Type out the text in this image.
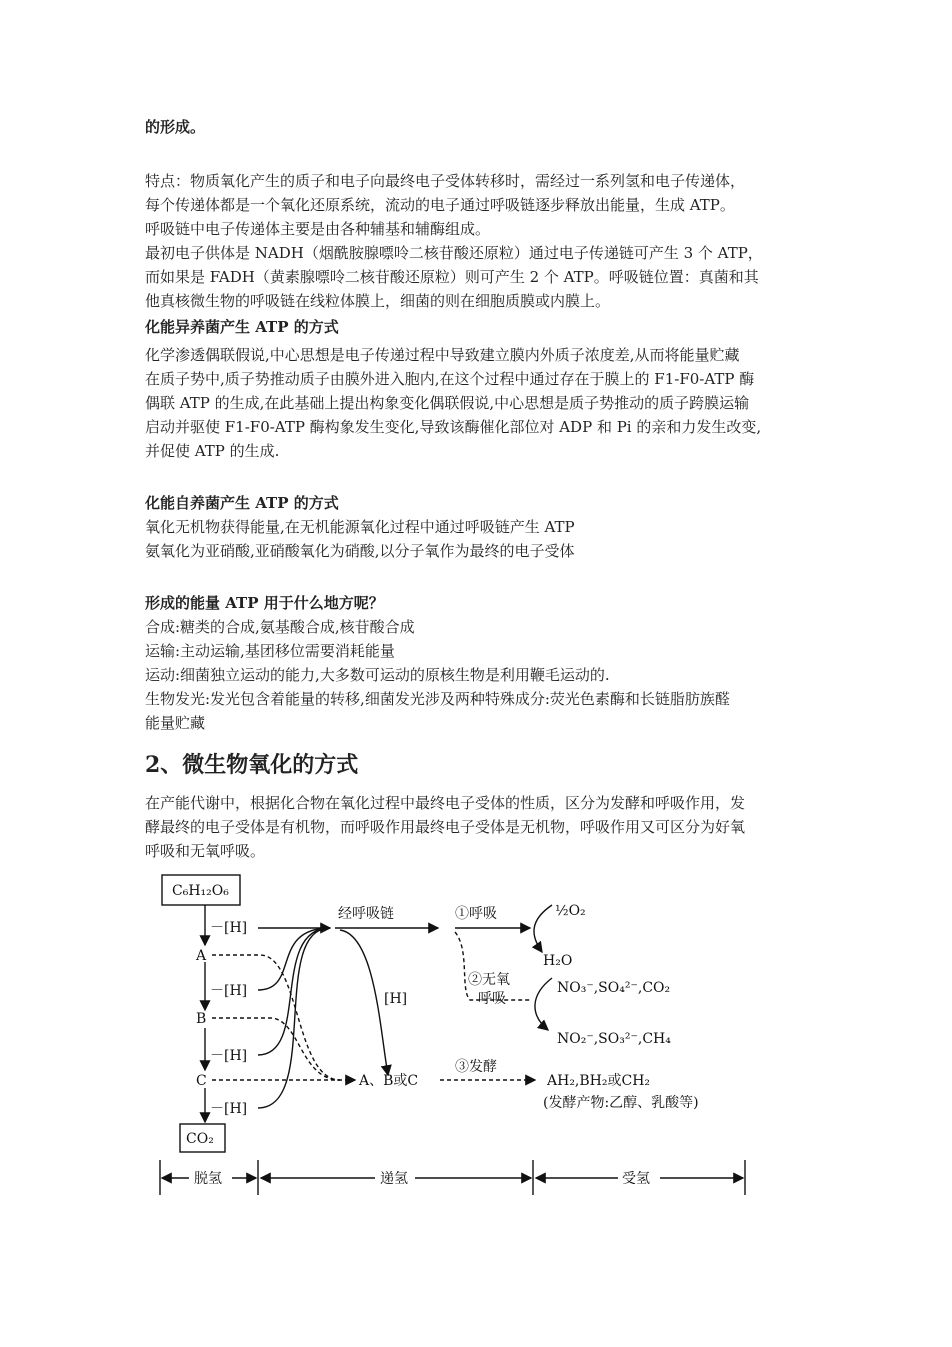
的形成。
特点：物质氧化产生的质子和电子向最终电子受体转移时，需经过一系列氢和电子传递体，
每个传递体都是一个氧化还原系统，流动的电子通过呼吸链逐步释放出能量，生成 ATP。
呼吸链中电子传递体主要是由各种辅基和辅酶组成。
最初电子供体是 NADH（烟酰胺腺嘌呤二核苷酸还原粒）通过电子传递链可产生 3 个 ATP，
而如果是 FADH（黄素腺嘌呤二核苷酸还原粒）则可产生 2 个 ATP。呼吸链位置：真菌和其
他真核微生物的呼吸链在线粒体膜上，细菌的则在细胞质膜或内膜上。
化能异养菌产生 ATP 的方式
化学渗透偶联假说,中心思想是电子传递过程中导致建立膜内外质子浓度差,从而将能量贮藏
在质子势中,质子势推动质子由膜外进入胞内,在这个过程中通过存在于膜上的 F1-F0-ATP 酶
偶联 ATP 的生成,在此基础上提出构象变化偶联假说,中心思想是质子势推动的质子跨膜运输
启动并驱使 F1-F0-ATP 酶构象发生变化,导致该酶催化部位对 ADP 和 Pi 的亲和力发生改变,
并促使 ATP 的生成.
化能自养菌产生 ATP 的方式
氧化无机物获得能量,在无机能源氧化过程中通过呼吸链产生 ATP
氨氧化为亚硝酸,亚硝酸氧化为硝酸,以分子氧作为最终的电子受体
形成的能量 ATP 用于什么地方呢？
合成:糖类的合成,氨基酸合成,核苷酸合成
运输:主动运输,基团移位需要消耗能量
运动:细菌独立运动的能力,大多数可运动的原核生物是利用鞭毛运动的.
生物发光:发光包含着能量的转移,细菌发光涉及两种特殊成分:荧光色素酶和长链脂肪族醛
能量贮藏
2、微生物氧化的方式
在产能代谢中，根据化合物在氧化过程中最终电子受体的性质，区分为发酵和呼吸作用，发
酵最终的电子受体是有机物，而呼吸作用最终电子受体是无机物，呼吸作用又可区分为好氧
呼吸和无氧呼吸。
C₆H₁₂O₆
－[H]
A
－[H]
B
－[H]
C
－[H]
CO₂
经呼吸链
[H]
①呼吸
②无氧
呼吸
③发酵
½O₂
H₂O
NO₃⁻,SO₄²⁻,CO₂
NO₂⁻,SO₃²⁻,CH₄
A、B或C	AH₂,BH₂或CH₂
(发酵产物:乙醇、乳酸等)
脱氢	递氢	受氢
